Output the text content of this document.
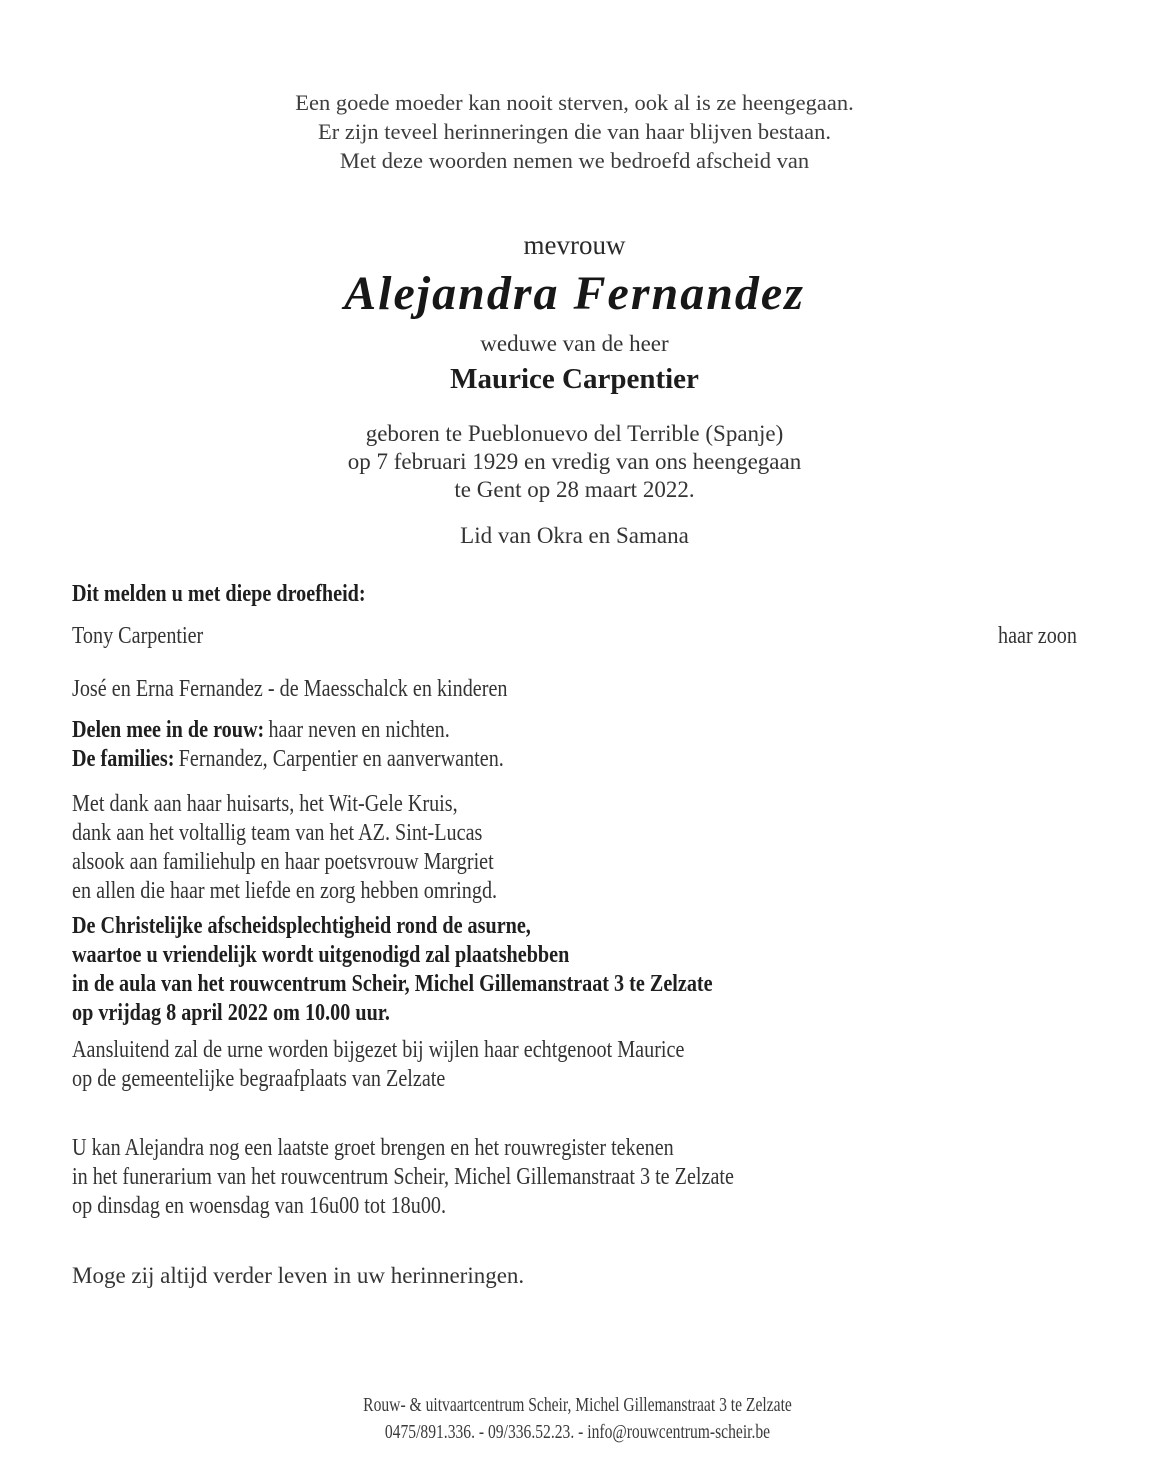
Een goede moeder kan nooit sterven, ook al is ze heengegaan.
Er zijn teveel herinneringen die van haar blijven bestaan.
Met deze woorden nemen we bedroefd afscheid van
mevrouw
Alejandra Fernandez
weduwe van de heer
Maurice Carpentier
geboren te Pueblonuevo del Terrible (Spanje)
op 7 februari 1929 en vredig van ons heengegaan
te Gent op 28 maart 2022.
Lid van Okra en Samana
Dit melden u met diepe droefheid:
Tony Carpentier	haar zoon
José en Erna Fernandez - de Maesschalck en kinderen
Delen mee in de rouw: haar neven en nichten.
De families: Fernandez, Carpentier en aanverwanten.
Met dank aan haar huisarts, het Wit-Gele Kruis,
dank aan het voltallig team van het AZ. Sint-Lucas
alsook aan familiehulp en haar poetsvrouw Margriet
en allen die haar met liefde en zorg hebben omringd.
De Christelijke afscheidsplechtigheid rond de asurne,
waartoe u vriendelijk wordt uitgenodigd zal plaatshebben
in de aula van het rouwcentrum Scheir, Michel Gillemanstraat 3 te Zelzate
op vrijdag 8 april 2022 om 10.00 uur.
Aansluitend zal de urne worden bijgezet bij wijlen haar echtgenoot Maurice
op de gemeentelijke begraafplaats van Zelzate
U kan Alejandra nog een laatste groet brengen en het rouwregister tekenen
in het funerarium van het rouwcentrum Scheir, Michel Gillemanstraat 3 te Zelzate
op dinsdag en woensdag van 16u00 tot 18u00.
Moge zij altijd verder leven in uw herinneringen.
Rouw- & uitvaartcentrum Scheir, Michel Gillemanstraat 3 te Zelzate
0475/891.336. - 09/336.52.23. - info@rouwcentrum-scheir.be
